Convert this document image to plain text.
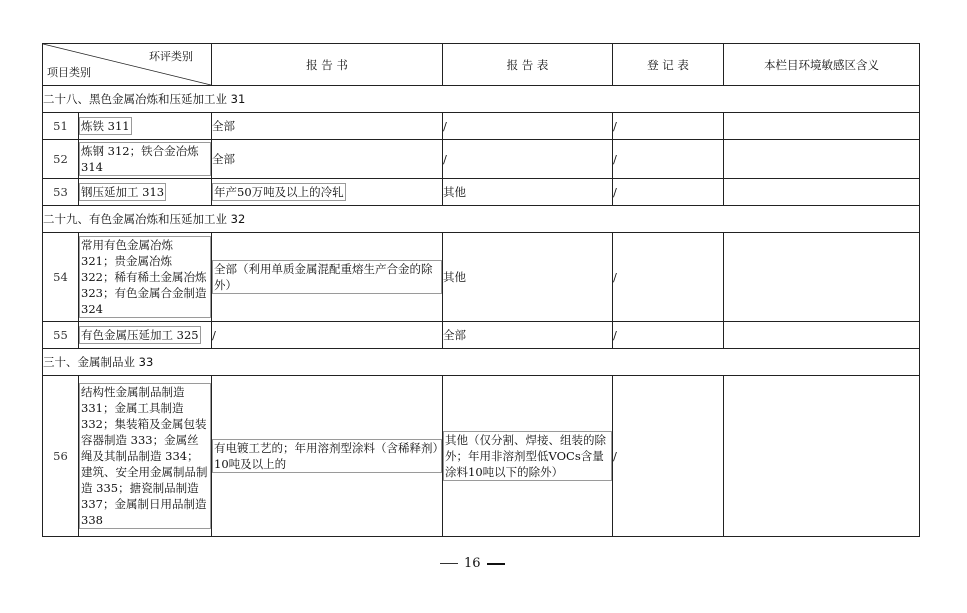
环评类别
项目类别		报 告 书	报 告 表	登 记 表	本栏目环境敏感区含义
二十八、黑色金属冶炼和压延加工业 31					
51	炼铁 311	全部	/	/	
52	炼钢 312；铁合金冶炼 314	全部	/	/	
53	钢压延加工 313	年产50万吨及以上的冷轧	其他	/	
二十九、有色金属冶炼和压延加工业 32					
54	常用有色金属冶炼 321；贵金属冶炼 322；稀有稀土金属冶炼 323；有色金属合金制造 324	全部（利用单质金属混配重熔生产合金的除外）	其他	/	
55	有色金属压延加工 325	/	全部	/	
三十、金属制品业 33					
56	结构性金属制品制造 331；金属工具制造 332；集装箱及金属包装容器制造 333；金属丝绳及其制品制造 334；建筑、安全用金属制品制造 335；搪瓷制品制造 337；金属制日用品制造 338	有电镀工艺的；年用溶剂型涂料（含稀释剂）10吨及以上的	其他（仅分割、焊接、组装的除外；年用非溶剂型低VOCs含量涂料10吨以下的除外）	/	
16
